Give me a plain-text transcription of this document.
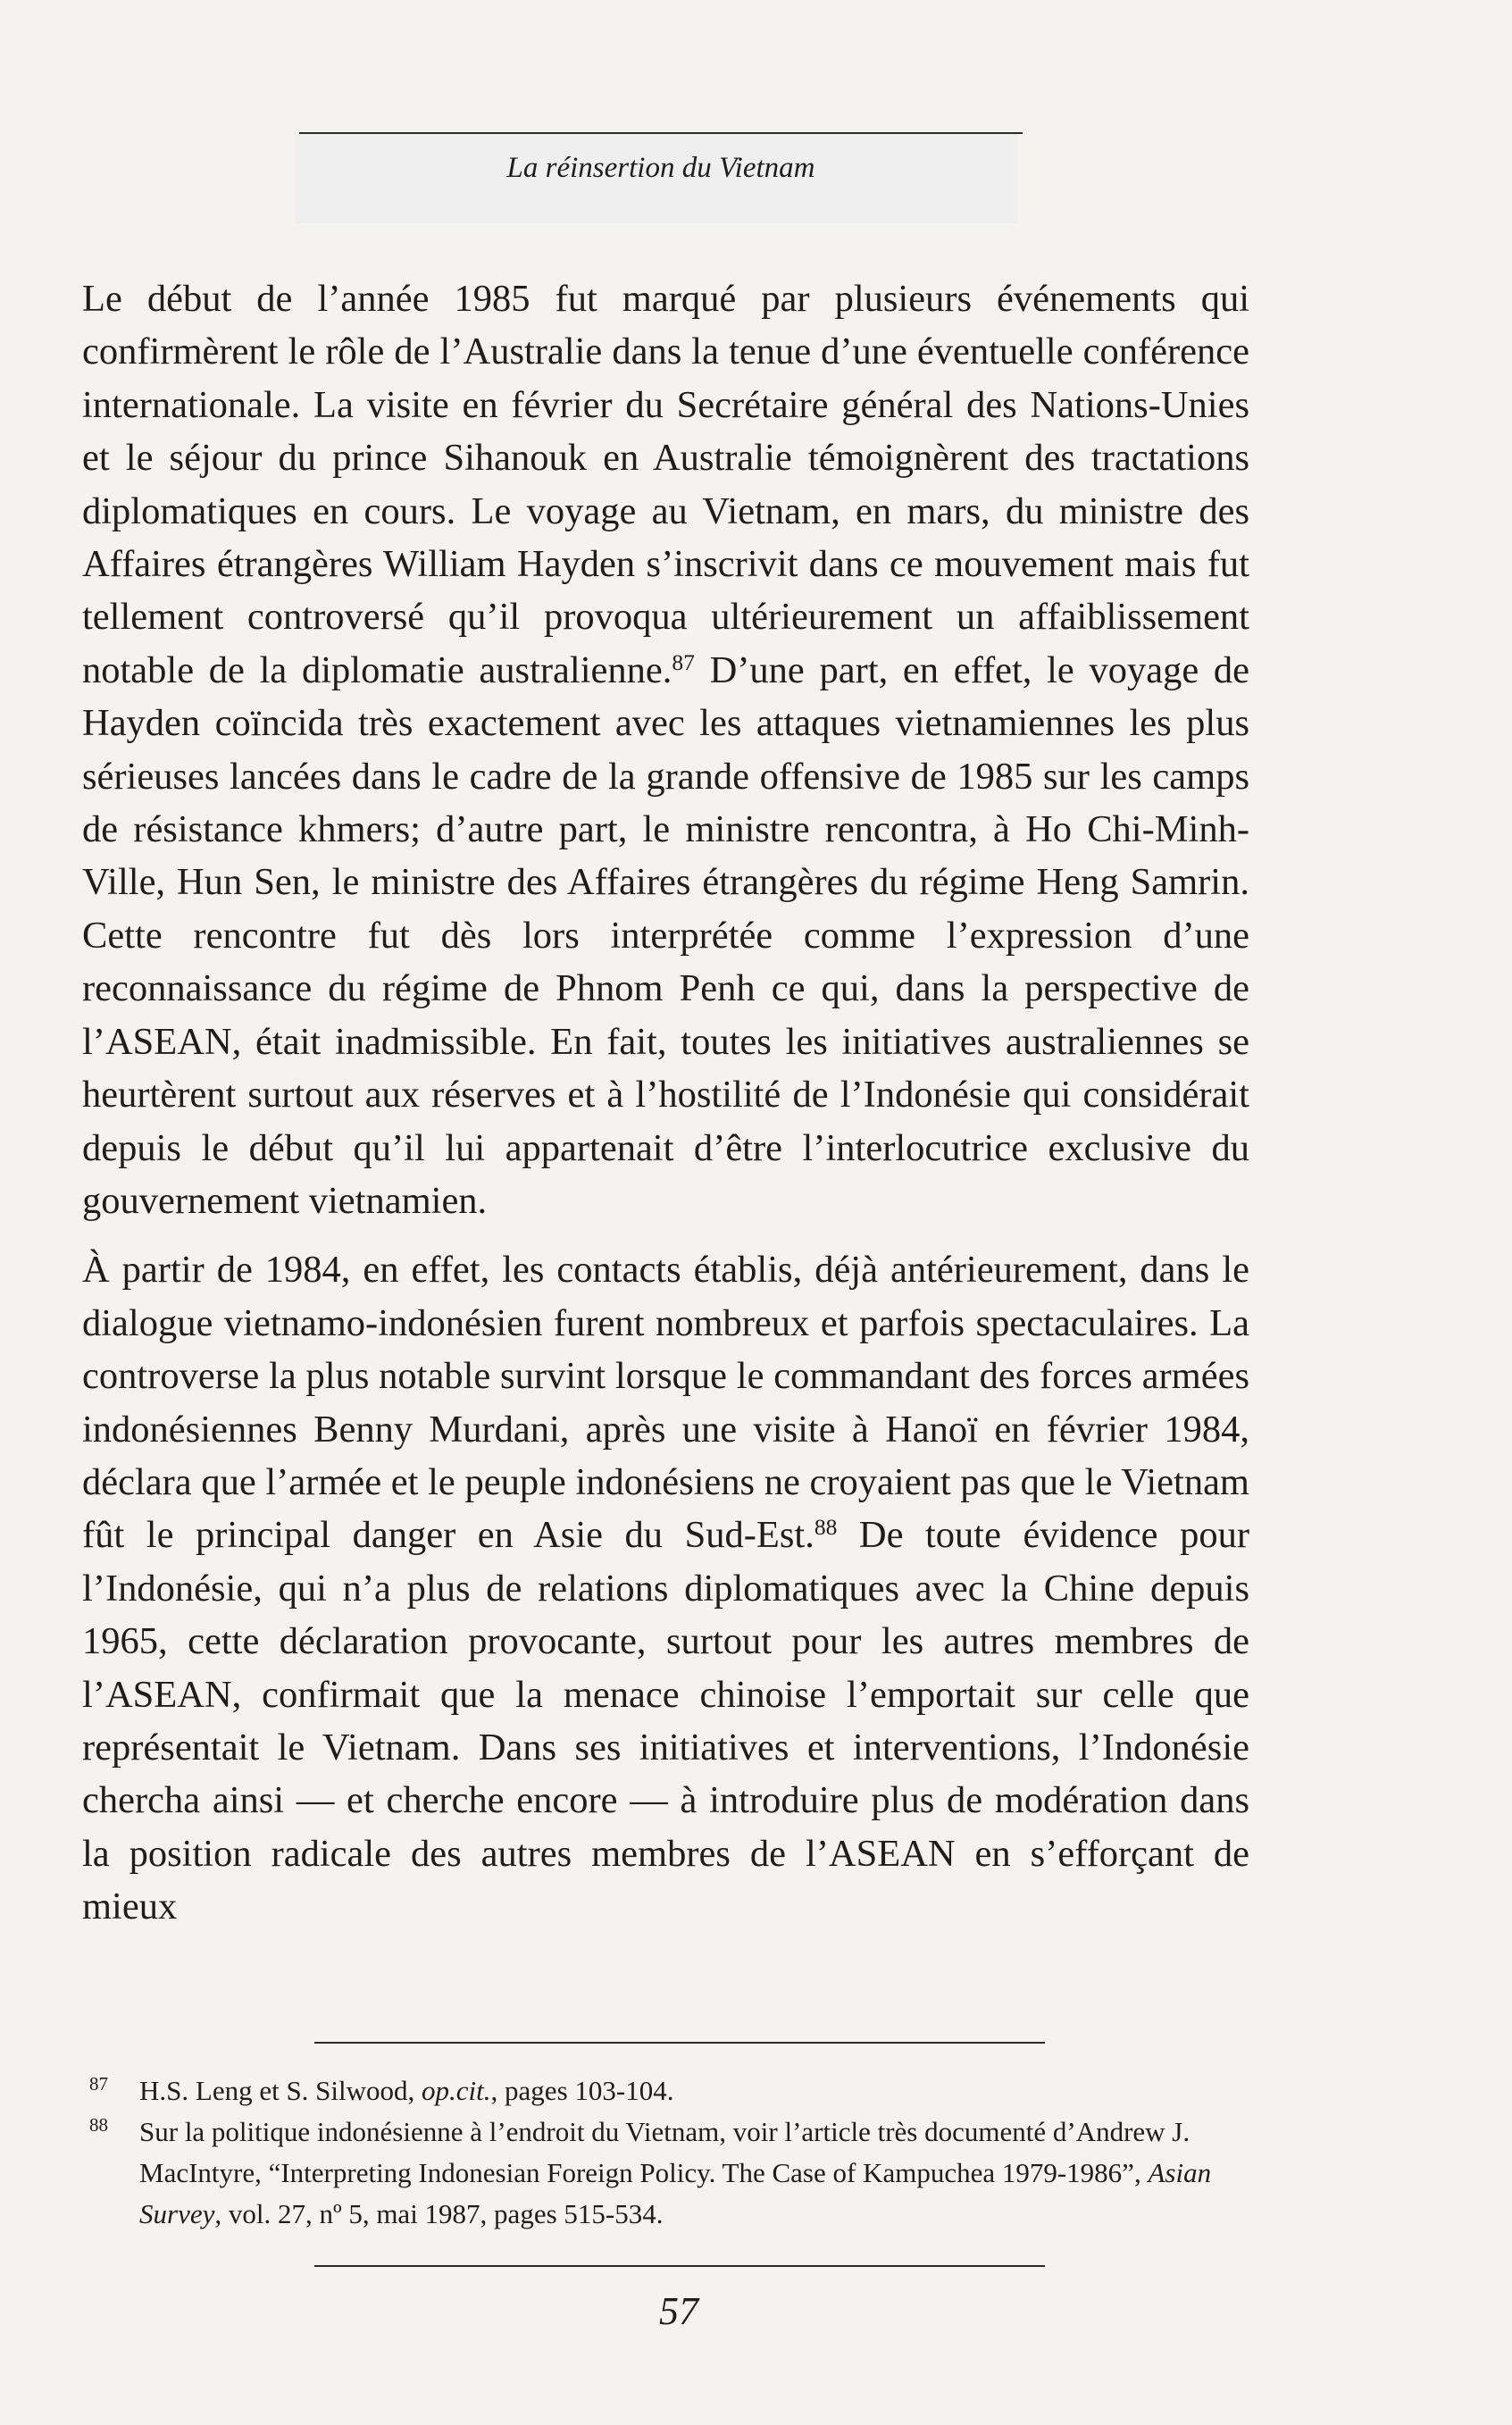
La réinsertion du Vietnam

Le début de l’année 1985 fut marqué par plusieurs événements qui confirmèrent le rôle de l’Australie dans la tenue d’une éventuelle conférence internationale. La visite en février du Secrétaire général des Nations-Unies et le séjour du prince Sihanouk en Australie témoignèrent des tractations diplomatiques en cours. Le voyage au Vietnam, en mars, du ministre des Affaires étrangères William Hayden s’inscrivit dans ce mouvement mais fut tellement controversé qu’il provoqua ultérieurement un affaiblissement notable de la diplomatie australienne.$^{87}$ D’une part, en effet, le voyage de Hayden coïncida très exactement avec les attaques vietnamiennes les plus sérieuses lancées dans le cadre de la grande offensive de 1985 sur les camps de résistance khmers; d’autre part, le ministre rencontra, à Ho Chi-Minh-Ville, Hun Sen, le ministre des Affaires étrangères du régime Heng Samrin. Cette rencontre fut dès lors interprétée comme l’expression d’une reconnaissance du régime de Phnom Penh ce qui, dans la perspective de l’ASEAN, était inadmissible. En fait, toutes les initiatives australiennes se heurtèrent surtout aux réserves et à l’hostilité de l’Indonésie qui considérait depuis le début qu’il lui appartenait d’être l’interlocutrice exclusive du gouvernement vietnamien.

À partir de 1984, en effet, les contacts établis, déjà antérieurement, dans le dialogue vietnamo-indonésien furent nombreux et parfois spectaculaires. La controverse la plus notable survint lorsque le commandant des forces armées indonésiennes Benny Murdani, après une visite à Hanoï en février 1984, déclara que l’armée et le peuple indonésiens ne croyaient pas que le Vietnam fût le principal danger en Asie du Sud-Est.$^{88}$ De toute évidence pour l’Indonésie, qui n’a plus de relations diplomatiques avec la Chine depuis 1965, cette déclaration provocante, surtout pour les autres membres de l’ASEAN, confirmait que la menace chinoise l’emportait sur celle que représentait le Vietnam. Dans ses initiatives et interventions, l’Indonésie chercha ainsi — et cherche encore — à introduire plus de modération dans la position radicale des autres membres de l’ASEAN en s’efforçant de mieux

87 H.S. Leng et S. Silwood, op.cit., pages 103-104.
88 Sur la politique indonésienne à l’endroit du Vietnam, voir l’article très documenté d’Andrew J. MacIntyre, “Interpreting Indonesian Foreign Policy. The Case of Kampuchea 1979-1986”, Asian Survey, vol. 27, nº 5, mai 1987, pages 515-534.
57
